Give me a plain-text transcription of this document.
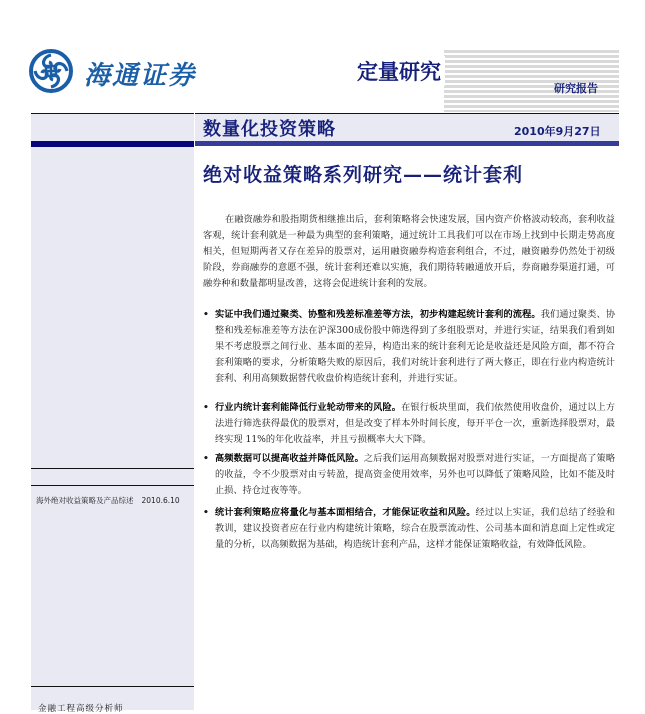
海通证券	定量研究
研究报告
数量化投资策略	2010年9月27日
海外绝对收益策略及产品综述 2010.6.10
金融工程高级分析师
绝对收益策略系列研究——统计套利
在融资融券和股指期货相继推出后，套利策略将会快速发展，国内资产价格波动较高，套利收益客观，统计套利就是一种最为典型的套利策略，通过统计工具我们可以在市场上找到中长期走势高度相关，但短期两者又存在差异的股票对，运用融资融券构造套利组合，不过，融资融券仍然处于初级阶段，券商融券的意愿不强，统计套利还难以实施，我们期待转融通放开后，券商融券渠道打通，可融券种和数量都明显改善，这将会促进统计套利的发展。
• 实证中我们通过聚类、协整和残差标准差等方法，初步构建起统计套利的流程。我们通过聚类、协整和残差标准差等方法在沪深300成份股中筛选得到了多组股票对，并进行实证，结果我们看到如果不考虑股票之间行业、基本面的差异，构造出来的统计套利无论是收益还是风险方面，都不符合套利策略的要求，分析策略失败的原因后，我们对统计套利进行了两大修正，即在行业内构造统计套利、利用高频数据替代收盘价构造统计套利，并进行实证。
• 行业内统计套利能降低行业轮动带来的风险。在银行板块里面，我们依然使用收盘价，通过以上方法进行筛选获得最优的股票对，但是改变了样本外时间长度，每开平仓一次，重新选择股票对，最终实现 11%的年化收益率，并且亏损概率大大下降。
• 高频数据可以提高收益并降低风险。之后我们运用高频数据对股票对进行实证，一方面提高了策略的收益，令不少股票对由亏转盈，提高资金使用效率，另外也可以降低了策略风险，比如不能及时止损、持仓过夜等等。
• 统计套利策略应将量化与基本面相结合，才能保证收益和风险。经过以上实证，我们总结了经验和教训，建议投资者应在行业内构建统计策略，综合在股票流动性、公司基本面和消息面上定性或定量的分析，以高频数据为基础，构造统计套利产品，这样才能保证策略收益，有效降低风险。
